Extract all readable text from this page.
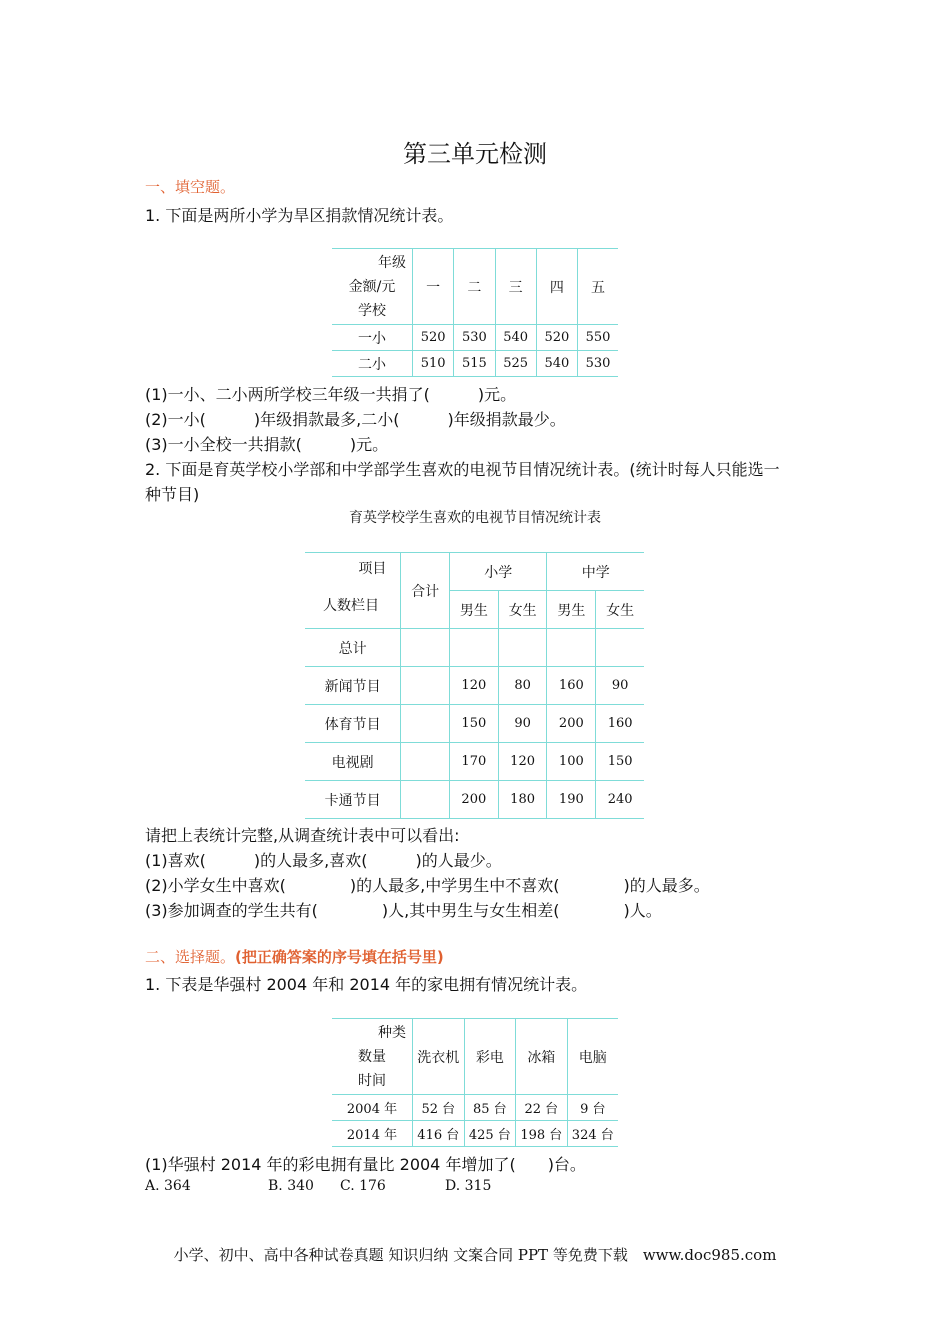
第三单元检测
一、填空题。
1. 下面是两所小学为旱区捐款情况统计表。
年级
金额/元
学校	一	二	三	四	五
一小	520	530	540	520	550
二小	510	515	525	540	530
(1)一小、二小两所学校三年级一共捐了(　　　)元。
(2)一小(　　　)年级捐款最多,二小(　　　)年级捐款最少。
(3)一小全校一共捐款(　　　)元。
2. 下面是育英学校小学部和中学部学生喜欢的电视节目情况统计表。(统计时每人只能选一
种节目)
育英学校学生喜欢的电视节目情况统计表
项目
人数栏目	合计	小学		中学	
		男生	女生	男生	女生
总计					
新闻节目		120	80	160	90
体育节目		150	90	200	160
电视剧		170	120	100	150
卡通节目		200	180	190	240
请把上表统计完整,从调查统计表中可以看出:
(1)喜欢(　　　)的人最多,喜欢(　　　)的人最少。
(2)小学女生中喜欢(　　　　)的人最多,中学男生中不喜欢(　　　　)的人最多。
(3)参加调查的学生共有(　　　　)人,其中男生与女生相差(　　　　)人。
二、选择题。(把正确答案的序号填在括号里)
1. 下表是华强村 2004 年和 2014 年的家电拥有情况统计表。
种类
数量
时间	洗衣机	彩电	冰箱	电脑
2004 年	52 台	85 台	22 台	9 台
2014 年	416 台	425 台	198 台	324 台
(1)华强村 2014 年的彩电拥有量比 2004 年增加了(　　)台。
A. 364	B. 340 C. 176	D. 315
小学、初中、高中各种试卷真题 知识归纳 文案合同 PPT 等免费下载　www.doc985.com
